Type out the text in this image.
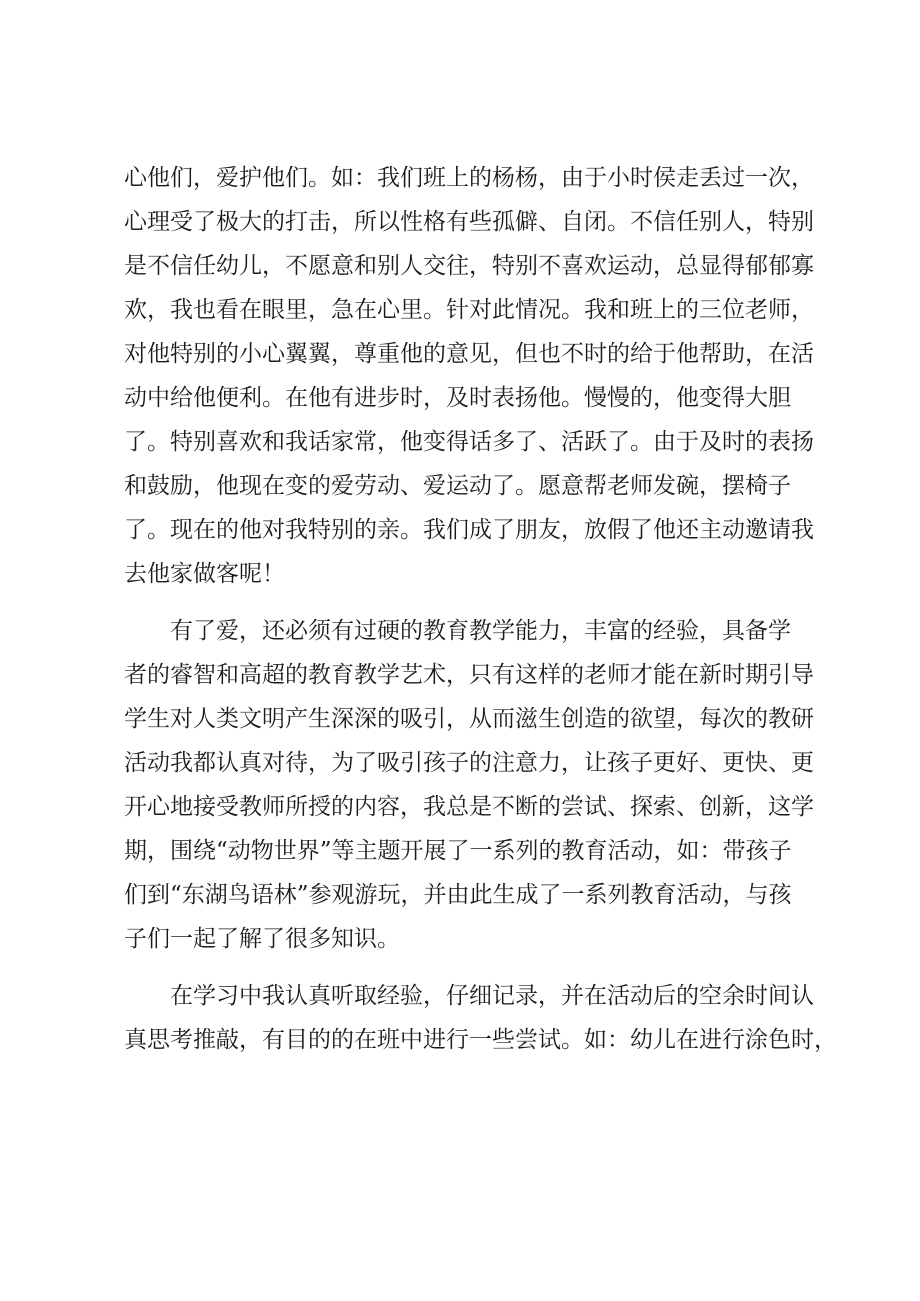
心他们，爱护他们。如：我们班上的杨杨，由于小时侯走丢过一次，
心理受了极大的打击，所以性格有些孤僻、自闭。不信任别人，特别
是不信任幼儿，不愿意和别人交往，特别不喜欢运动，总显得郁郁寡
欢，我也看在眼里，急在心里。针对此情况。我和班上的三位老师，
对他特别的小心翼翼，尊重他的意见，但也不时的给于他帮助，在活
动中给他便利。在他有进步时，及时表扬他。慢慢的，他变得大胆
了。特别喜欢和我话家常，他变得话多了、活跃了。由于及时的表扬
和鼓励，他现在变的爱劳动、爱运动了。愿意帮老师发碗，摆椅子
了。现在的他对我特别的亲。我们成了朋友，放假了他还主动邀请我
去他家做客呢！
　　有了爱，还必须有过硬的教育教学能力，丰富的经验，具备学
者的睿智和高超的教育教学艺术，只有这样的老师才能在新时期引导
学生对人类文明产生深深的吸引，从而滋生创造的欲望，每次的教研
活动我都认真对待，为了吸引孩子的注意力，让孩子更好、更快、更
开心地接受教师所授的内容，我总是不断的尝试、探索、创新，这学
期，围绕“动物世界”等主题开展了一系列的教育活动，如：带孩子
们到“东湖鸟语林”参观游玩，并由此生成了一系列教育活动，与孩
子们一起了解了很多知识。
　　在学习中我认真听取经验，仔细记录，并在活动后的空余时间认
真思考推敲，有目的的在班中进行一些尝试。如：幼儿在进行涂色时，
